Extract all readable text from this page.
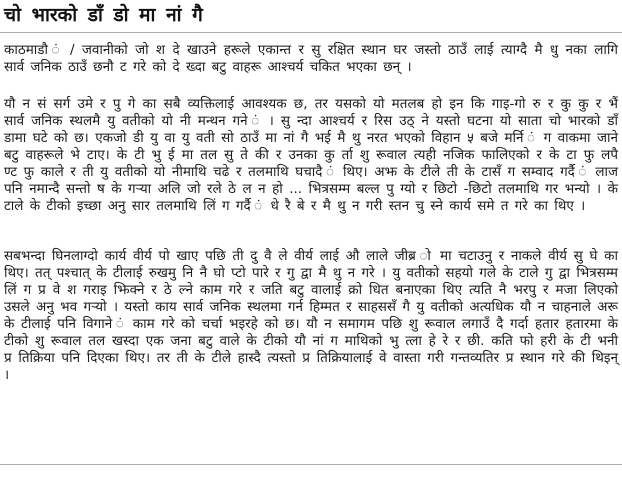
चो भारको डाँ डो मा नां गै

काठमाडौ ं / जवानीको जो श दे खाउने हरूले एकान्त र सु रक्षित स्थान घर जस्तो ठाउँ लाई त्याग्दै मै धु नका लागि सार्व जनिक ठाउँ छनौ ट गरे को दे ख्दा बटु वाहरू आश्चर्य चकित भएका छन् ।

यौ न सं सर्ग उमे र पु गे का सबै व्यक्तिलाई आवश्यक छ, तर यसको यो मतलब हो इन कि गाइ-गो रु र कु कु र भैं सार्व जनिक स्थलमै यु वतीको यो नी मन्थन गने ं । सु न्दा आश्चर्य र रिस उठ् ने यस्तो घटना यो साता चो भारको डाँ डामा घटे को छ। एकजो डी यु वा यु वती सो ठाउँ मा नां गै भई मै थु नरत भएको विहान ५ बजे मर्नि ं ग वाकमा जाने बटु वाहरूले भे टाए। के टी भु ई मा तल सु ते की र उनका कु र्ता शु रूवाल त्यही नजिक फालिएको र के टा फु लपै ण्ट फु काले र ती यु वतीको यो नीमाथि चढे र तलमाथि घचादै ं थिए। अझ के टीले ती के टासँ ग सम्वाद गर्दै ं लाज पनि नमान्दै सन्तो ष के गऱ्या अलि जो रले ठे ल न हो ... भित्रसम्म बल्ल पु ग्यो र छिटो -छिटो तलमाथि गर भन्यो । के टाले के टीको इच्छा अनु सार तलमाथि लिं ग गर्दै ं धे रै बे र मै थु न गरी स्तन चु स्ने कार्य समे त गरे का थिए ।

सबभन्दा घिनलाग्दो कार्य वीर्य पो खाए पछि ती दु वै ले वीर्य लाई औ लाले जीब्र ो मा चटाउनु र नाकले वीर्य सु घे का थिए। तत् पश्चात् के टीलाई रुखमु नि नै घो प्टो पारे र गु द्वा मै थु न गरे । यु वतीको सहयो गले के टाले गु द्वा भित्रसम्म लिं ग प्र वे श गराइ झिक्ने र ठे ल्ने काम गरे र जति बटु वालाई क्रो धित बनाएका थिए त्यति नै भरपु र मजा लिएको उसले अनु भव गऱ्यो । यस्तो काय सार्व जनिक स्थलमा गर्न हिम्मत र साहससँ गै यु वतीको अत्यधिक यौ न चाहनाले अरू के टीलाई पनि विगाने ं काम गरे को चर्चा भइरहे को छ। यौ न समागम पछि शु रूवाल लगाउँ दै गर्दा हतार हतारमा के टीको शु रूवाल तल खस्दा एक जना बटु वाले के टीको यौ नां ग माथिको भु त्ला हे रे र छी. कति फो हरी के टी भनी प्र तिक्रिया पनि दिएका थिए। तर ती के टीले हास्दै त्यस्तो प्र तिक्रियालाई वे वास्ता गरी गन्तव्यतिर प्र स्थान गरे की थिइन् ।
